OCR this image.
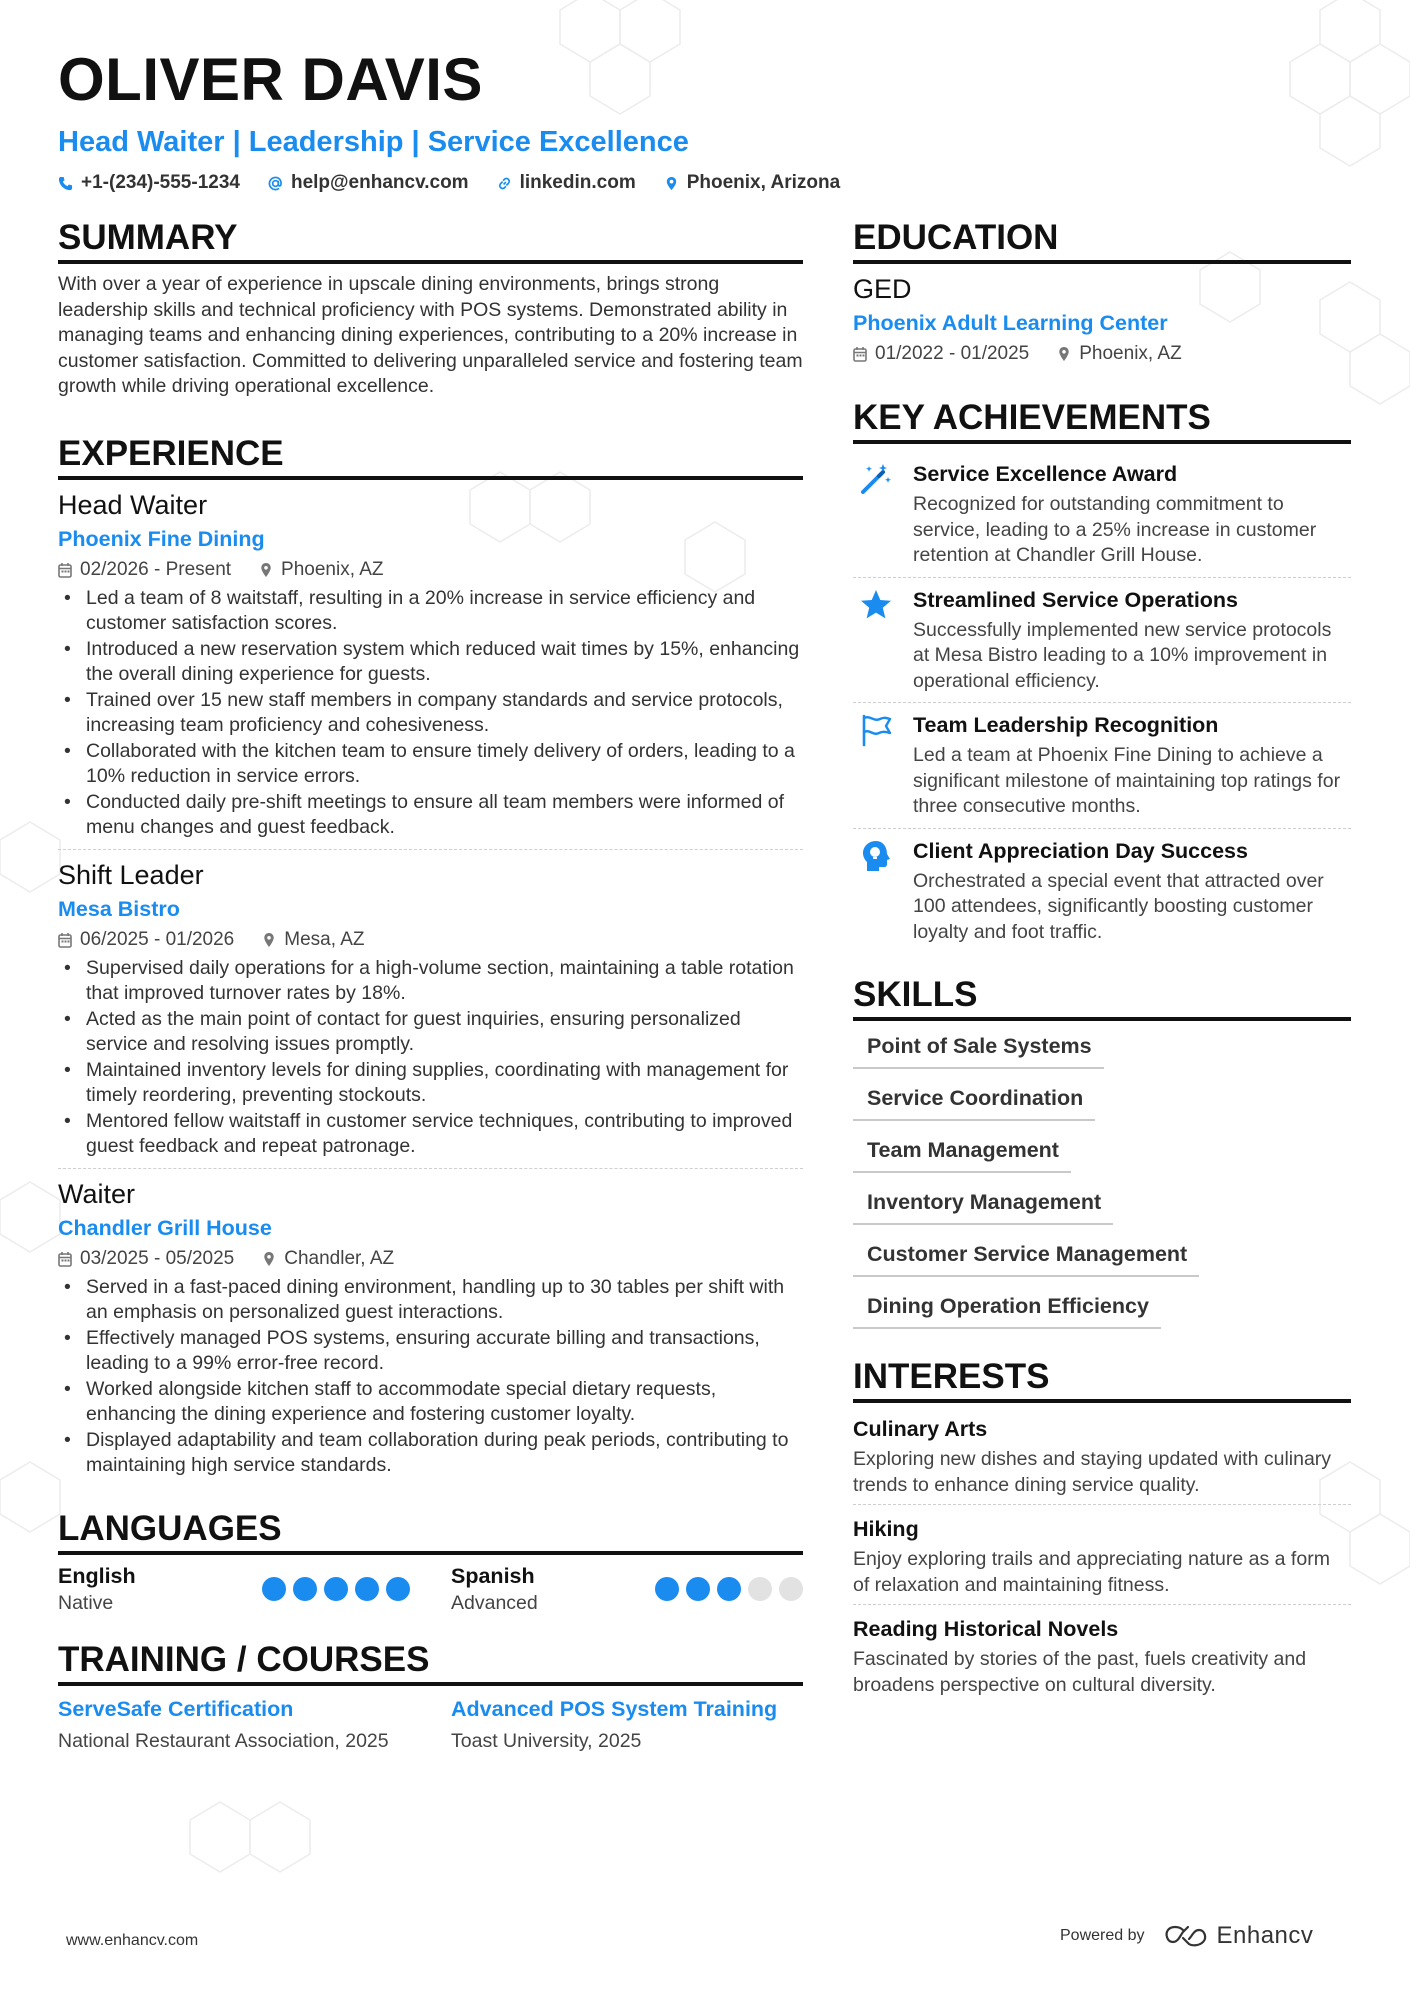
OLIVER DAVIS
Head Waiter | Leadership | Service Excellence
+1-(234)-555-1234	help@enhancv.com	linkedin.com	Phoenix, Arizona
SUMMARY
With over a year of experience in upscale dining environments, brings strong leadership skills and technical proficiency with POS systems. Demonstrated ability in managing teams and enhancing dining experiences, contributing to a 20% increase in customer satisfaction. Committed to delivering unparalleled service and fostering team growth while driving operational excellence.
EXPERIENCE
Head Waiter
Phoenix Fine Dining
02/2026 - Present	Phoenix, AZ
• Led a team of 8 waitstaff, resulting in a 20% increase in service efficiency and customer satisfaction scores.
• Introduced a new reservation system which reduced wait times by 15%, enhancing the overall dining experience for guests.
• Trained over 15 new staff members in company standards and service protocols, increasing team proficiency and cohesiveness.
• Collaborated with the kitchen team to ensure timely delivery of orders, leading to a 10% reduction in service errors.
• Conducted daily pre-shift meetings to ensure all team members were informed of menu changes and guest feedback.
Shift Leader
Mesa Bistro
06/2025 - 01/2026	Mesa, AZ
• Supervised daily operations for a high-volume section, maintaining a table rotation that improved turnover rates by 18%.
• Acted as the main point of contact for guest inquiries, ensuring personalized service and resolving issues promptly.
• Maintained inventory levels for dining supplies, coordinating with management for timely reordering, preventing stockouts.
• Mentored fellow waitstaff in customer service techniques, contributing to improved guest feedback and repeat patronage.
Waiter
Chandler Grill House
03/2025 - 05/2025	Chandler, AZ
• Served in a fast-paced dining environment, handling up to 30 tables per shift with an emphasis on personalized guest interactions.
• Effectively managed POS systems, ensuring accurate billing and transactions, leading to a 99% error-free record.
• Worked alongside kitchen staff to accommodate special dietary requests, enhancing the dining experience and fostering customer loyalty.
• Displayed adaptability and team collaboration during peak periods, contributing to maintaining high service standards.
LANGUAGES
English
Native
Spanish
Advanced
TRAINING / COURSES
ServeSafe Certification
National Restaurant Association, 2025
Advanced POS System Training
Toast University, 2025
EDUCATION
GED
Phoenix Adult Learning Center
01/2022 - 01/2025	Phoenix, AZ
KEY ACHIEVEMENTS
Service Excellence Award
Recognized for outstanding commitment to service, leading to a 25% increase in customer retention at Chandler Grill House.
Streamlined Service Operations
Successfully implemented new service protocols at Mesa Bistro leading to a 10% improvement in operational efficiency.
Team Leadership Recognition
Led a team at Phoenix Fine Dining to achieve a significant milestone of maintaining top ratings for three consecutive months.
Client Appreciation Day Success
Orchestrated a special event that attracted over 100 attendees, significantly boosting customer loyalty and foot traffic.
SKILLS
Point of Sale Systems
Service Coordination
Team Management
Inventory Management
Customer Service Management
Dining Operation Efficiency
INTERESTS
Culinary Arts
Exploring new dishes and staying updated with culinary trends to enhance dining service quality.
Hiking
Enjoy exploring trails and appreciating nature as a form of relaxation and maintaining fitness.
Reading Historical Novels
Fascinated by stories of the past, fuels creativity and broadens perspective on cultural diversity.
www.enhancv.com	Powered by	Enhancv
